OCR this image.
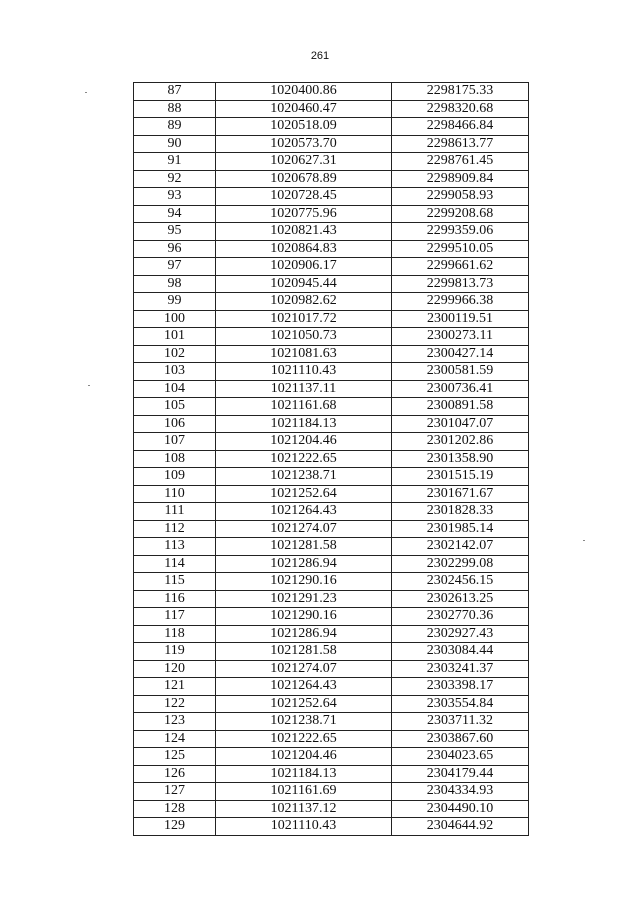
261
87	1020400.86	2298175.33
88	1020460.47	2298320.68
89	1020518.09	2298466.84
90	1020573.70	2298613.77
91	1020627.31	2298761.45
92	1020678.89	2298909.84
93	1020728.45	2299058.93
94	1020775.96	2299208.68
95	1020821.43	2299359.06
96	1020864.83	2299510.05
97	1020906.17	2299661.62
98	1020945.44	2299813.73
99	1020982.62	2299966.38
100	1021017.72	2300119.51
101	1021050.73	2300273.11
102	1021081.63	2300427.14
103	1021110.43	2300581.59
104	1021137.11	2300736.41
105	1021161.68	2300891.58
106	1021184.13	2301047.07
107	1021204.46	2301202.86
108	1021222.65	2301358.90
109	1021238.71	2301515.19
110	1021252.64	2301671.67
111	1021264.43	2301828.33
112	1021274.07	2301985.14
113	1021281.58	2302142.07
114	1021286.94	2302299.08
115	1021290.16	2302456.15
116	1021291.23	2302613.25
117	1021290.16	2302770.36
118	1021286.94	2302927.43
119	1021281.58	2303084.44
120	1021274.07	2303241.37
121	1021264.43	2303398.17
122	1021252.64	2303554.84
123	1021238.71	2303711.32
124	1021222.65	2303867.60
125	1021204.46	2304023.65
126	1021184.13	2304179.44
127	1021161.69	2304334.93
128	1021137.12	2304490.10
129	1021110.43	2304644.92
